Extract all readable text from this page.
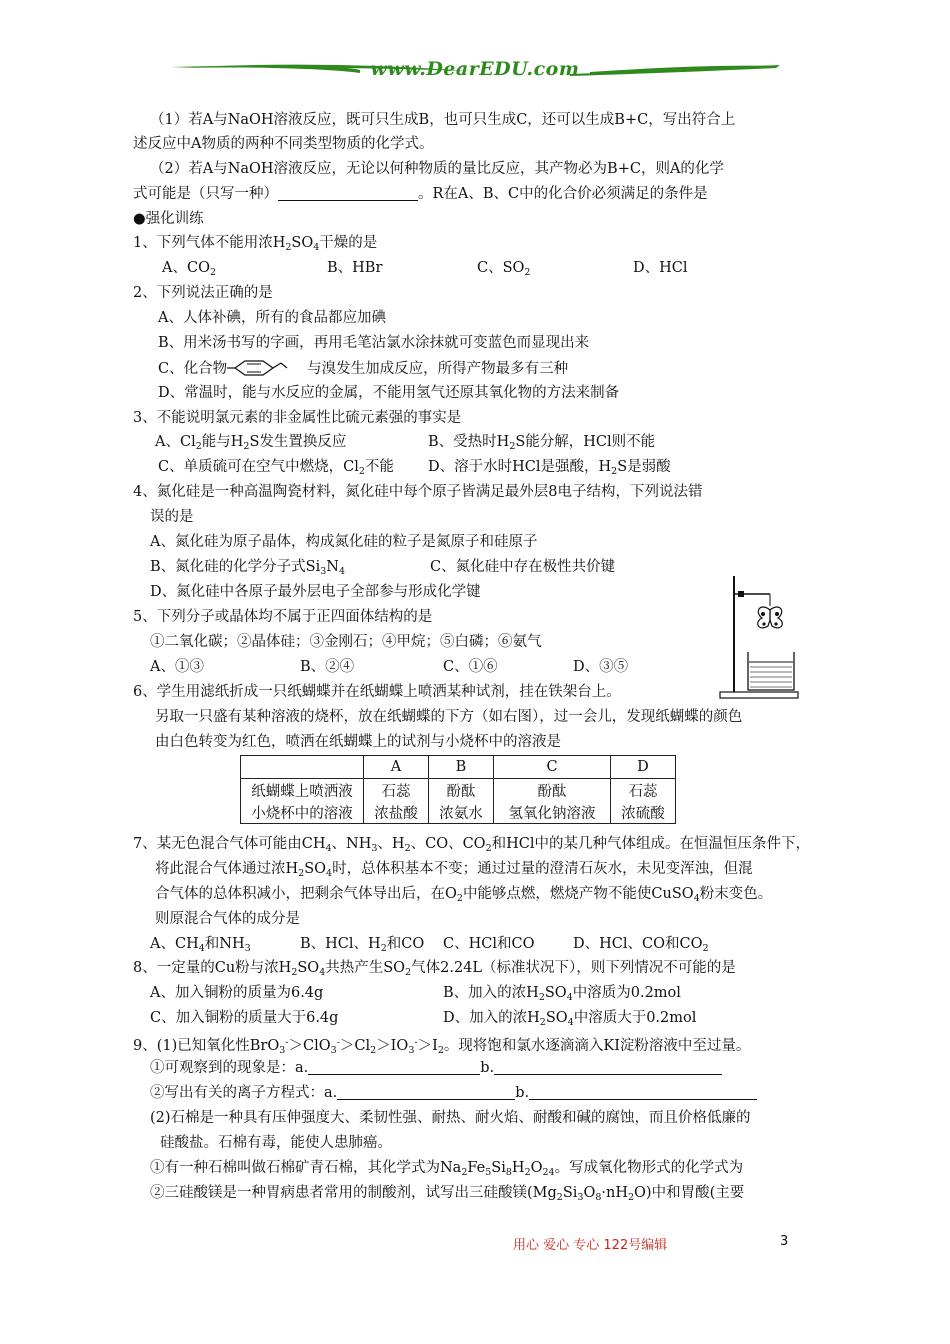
www.DearEDU.com
（1）若A与NaOH溶液反应，既可只生成B，也可只生成C，还可以生成B+C，写出符合上
述反应中A物质的两种不同类型物质的化学式。
（2）若A与NaOH溶液反应，无论以何种物质的量比反应，其产物必为B+C，则A的化学
式可能是（只写一种）	。R在A、B、C中的化合价必须满足的条件是
●强化训练
1、下列气体不能用浓$H_2SO_4$干燥的是
A、$CO_2$	B、HBr	C、$SO_2$	D、HCl
2、下列说法正确的是
A、人体补碘，所有的食品都应加碘
B、用米汤书写的字画，再用毛笔沾氯水涂抹就可变蓝色而显现出来
C、化合物	与溴发生加成反应，所得产物最多有三种
D、常温时，能与水反应的金属，不能用氢气还原其氧化物的方法来制备
3、不能说明氯元素的非金属性比硫元素强的事实是
A、$Cl_2$能与$H_2S$发生置换反应	B、受热时$H_2S$能分解，HCl则不能
C、单质硫可在空气中燃烧，$Cl_2$不能 D、溶于水时HCl是强酸，$H_2S$是弱酸
4、氮化硅是一种高温陶瓷材料，氮化硅中每个原子皆满足最外层8电子结构，下列说法错
误的是
A、氮化硅为原子晶体，构成氮化硅的粒子是氮原子和硅原子
B、氮化硅的化学分子式$Si_3N_4$	C、氮化硅中存在极性共价键
D、氮化硅中各原子最外层电子全部参与形成化学键
5、下列分子或晶体均不属于正四面体结构的是
①二氧化碳；②晶体硅；③金刚石；④甲烷；⑤白磷；⑥氨气
A、①③	B、②④	C、①⑥	D、③⑤
6、学生用滤纸折成一只纸蝴蝶并在纸蝴蝶上喷洒某种试剂，挂在铁架台上。
另取一只盛有某种溶液的烧杯，放在纸蝴蝶的下方（如右图），过一会儿，发现纸蝴蝶的颜色
由白色转变为红色，喷洒在纸蝴蝶上的试剂与小烧杯中的溶液是
	A	B	C	D
纸蝴蝶上喷洒液	石蕊	酚酞	酚酞	石蕊
小烧杯中的溶液	浓盐酸	浓氨水	氢氧化钠溶液	浓硫酸
7、某无色混合气体可能由$CH_4$、$NH_3$、$H_2$、CO、$CO_2$和HCl中的某几种气体组成。在恒温恒压条件下，
将此混合气体通过浓$H_2SO_4$时，总体积基本不变；通过过量的澄清石灰水，未见变浑浊，但混
合气体的总体积减小，把剩余气体导出后，在$O_2$中能够点燃，燃烧产物不能使CuSO$_4$粉末变色。
则原混合气体的成分是
A、$CH_4$和$NH_3$	B、HCl、$H_2$和CO C、HCl和CO	D、HCl、CO和$CO_2$
8、一定量的Cu粉与浓$H_2SO_4$共热产生$SO_2$气体2.24L（标准状况下），则下列情况不可能的是
A、加入铜粉的质量为6.4g	B、加入的浓$H_2SO_4$中溶质为0.2mol
C、加入铜粉的质量大于6.4g	D、加入的浓$H_2SO_4$中溶质大于0.2mol
9、(1)已知氧化性$BrO_3^->ClO_3^->Cl_2>IO_3^->I_2$。现将饱和氯水逐滴滴入KI淀粉溶液中至过量。
①可观察到的现象是：a.	b.
②写出有关的离子方程式：a.	b.
(2)石棉是一种具有压伸强度大、柔韧性强、耐热、耐火焰、耐酸和碱的腐蚀，而且价格低廉的
硅酸盐。石棉有毒，能使人患肺癌。
①有一种石棉叫做石棉矿青石棉，其化学式为$Na_2Fe_5Si_8H_2O_{24}$。写成氧化物形式的化学式为
②三硅酸镁是一种胃病患者常用的制酸剂，试写出三硅酸镁$(Mg_2Si_3O_8\cdot nH_2O)$中和胃酸(主要
用心 爱心 专心 122号编辑	3
